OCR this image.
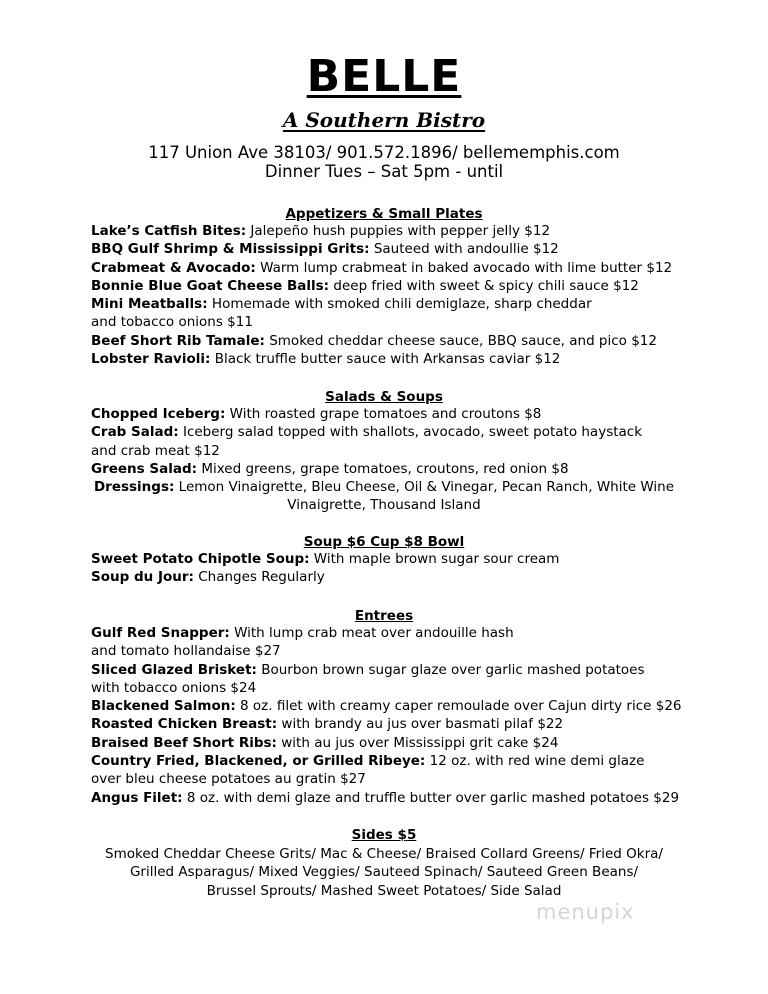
BELLE
A Southern Bistro
117 Union Ave 38103/ 901.572.1896/ bellememphis.com
Dinner Tues – Sat 5pm - until
Appetizers & Small Plates
Lake’s Catfish Bites: Jalepeño hush puppies with pepper jelly $12
BBQ Gulf Shrimp & Mississippi Grits: Sauteed with andoullie $12
Crabmeat & Avocado: Warm lump crabmeat in baked avocado with lime butter $12
Bonnie Blue Goat Cheese Balls: deep fried with sweet & spicy chili sauce $12
Mini Meatballs: Homemade with smoked chili demiglaze, sharp cheddar
and tobacco onions $11
Beef Short Rib Tamale: Smoked cheddar cheese sauce, BBQ sauce, and pico $12
Lobster Ravioli: Black truffle butter sauce with Arkansas caviar $12
Salads & Soups
Chopped Iceberg: With roasted grape tomatoes and croutons $8
Crab Salad: Iceberg salad topped with shallots, avocado, sweet potato haystack
and crab meat $12
Greens Salad: Mixed greens, grape tomatoes, croutons, red onion $8
Dressings: Lemon Vinaigrette, Bleu Cheese, Oil & Vinegar, Pecan Ranch, White Wine
Vinaigrette, Thousand Island
Soup $6 Cup $8 Bowl
Sweet Potato Chipotle Soup: With maple brown sugar sour cream
Soup du Jour: Changes Regularly
Entrees
Gulf Red Snapper: With lump crab meat over andouille hash
and tomato hollandaise $27
Sliced Glazed Brisket: Bourbon brown sugar glaze over garlic mashed potatoes
with tobacco onions $24
Blackened Salmon: 8 oz. filet with creamy caper remoulade over Cajun dirty rice $26
Roasted Chicken Breast: with brandy au jus over basmati pilaf $22
Braised Beef Short Ribs: with au jus over Mississippi grit cake $24
Country Fried, Blackened, or Grilled Ribeye: 12 oz. with red wine demi glaze
over bleu cheese potatoes au gratin $27
Angus Filet: 8 oz. with demi glaze and truffle butter over garlic mashed potatoes $29
Sides $5
Smoked Cheddar Cheese Grits/ Mac & Cheese/ Braised Collard Greens/ Fried Okra/
Grilled Asparagus/ Mixed Veggies/ Sauteed Spinach/ Sauteed Green Beans/
Brussel Sprouts/ Mashed Sweet Potatoes/ Side Salad
menupix
